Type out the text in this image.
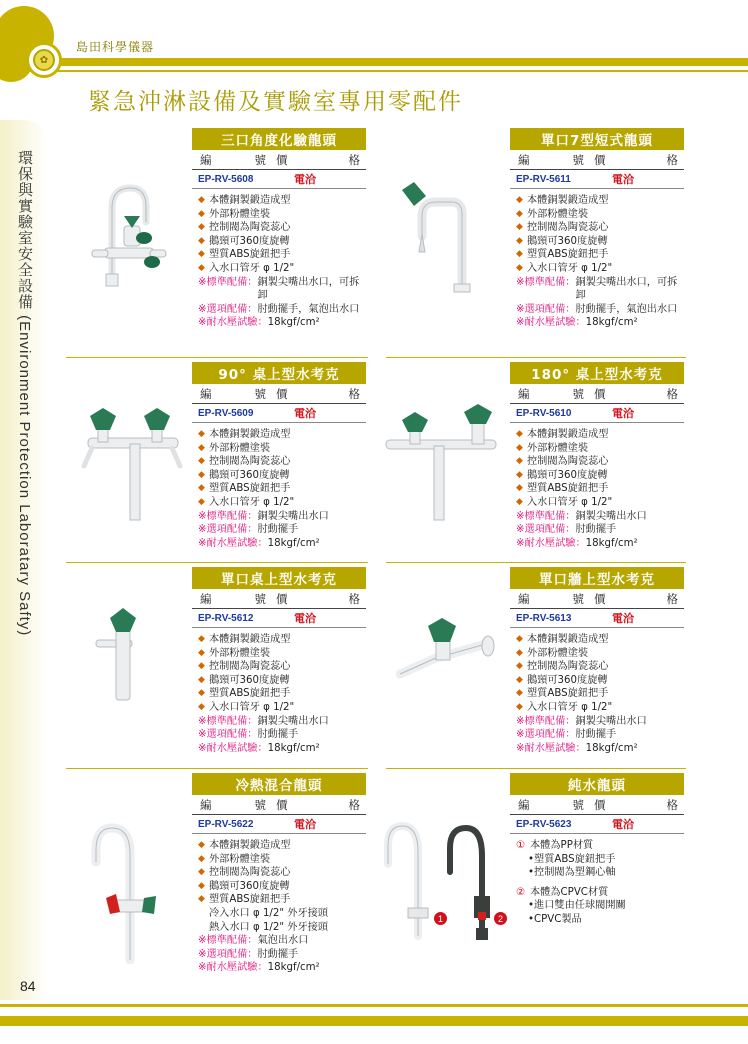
✿
島田科學儀器
緊急沖淋設備及實驗室專用零配件
環保與實驗室安全設備 (Environment Protection Laboratary Safty)
84
三口角度化驗龍頭
編	號 價	格
EP-RV-5608	電洽
◆ 本體銅製鍛造成型
◆ 外部粉體塗裝
◆ 控制閥為陶瓷蕊心
◆ 鵝頸可360度旋轉
◆ 塑質ABS旋鈕把手
◆ 入水口管牙 φ 1/2"
※標準配備： 銅製尖嘴出水口，可拆卸
※選項配備： 肘動擺手，氣泡出水口
※耐水壓試驗： 18kgf/cm²
單口7型短式龍頭
編	號 價	格
EP-RV-5611	電洽
◆ 本體銅製鍛造成型
◆ 外部粉體塗裝
◆ 控制閥為陶瓷蕊心
◆ 鵝頸可360度旋轉
◆ 塑質ABS旋鈕把手
◆ 入水口管牙 φ 1/2"
※標準配備： 銅製尖嘴出水口，可拆卸
※選項配備： 肘動擺手，氣泡出水口
※耐水壓試驗： 18kgf/cm²
90° 桌上型水考克
編	號 價	格
EP-RV-5609	電洽
◆ 本體銅製鍛造成型
◆ 外部粉體塗裝
◆ 控制閥為陶瓷蕊心
◆ 鵝頸可360度旋轉
◆ 塑質ABS旋鈕把手
◆ 入水口管牙 φ 1/2"
※標準配備： 銅製尖嘴出水口
※選項配備： 肘動擺手
※耐水壓試驗： 18kgf/cm²
180° 桌上型水考克
編	號 價	格
EP-RV-5610	電洽
◆ 本體銅製鍛造成型
◆ 外部粉體塗裝
◆ 控制閥為陶瓷蕊心
◆ 鵝頸可360度旋轉
◆ 塑質ABS旋鈕把手
◆ 入水口管牙 φ 1/2"
※標準配備： 銅製尖嘴出水口
※選項配備： 肘動擺手
※耐水壓試驗： 18kgf/cm²
單口桌上型水考克
編	號 價	格
EP-RV-5612	電洽
◆ 本體銅製鍛造成型
◆ 外部粉體塗裝
◆ 控制閥為陶瓷蕊心
◆ 鵝頸可360度旋轉
◆ 塑質ABS旋鈕把手
◆ 入水口管牙 φ 1/2"
※標準配備： 銅製尖嘴出水口
※選項配備： 肘動擺手
※耐水壓試驗： 18kgf/cm²
單口牆上型水考克
編	號 價	格
EP-RV-5613	電洽
◆ 本體銅製鍛造成型
◆ 外部粉體塗裝
◆ 控制閥為陶瓷蕊心
◆ 鵝頸可360度旋轉
◆ 塑質ABS旋鈕把手
◆ 入水口管牙 φ 1/2"
※標準配備： 銅製尖嘴出水口
※選項配備： 肘動擺手
※耐水壓試驗： 18kgf/cm²
冷熱混合龍頭
編	號 價	格
EP-RV-5622	電洽
◆ 本體銅製鍛造成型
◆ 外部粉體塗裝
◆ 控制閥為陶瓷蕊心
◆ 鵝頸可360度旋轉
◆ 塑質ABS旋鈕把手
冷入水口 φ 1/2" 外牙接頭
熱入水口 φ 1/2" 外牙接頭
※標準配備： 氣泡出水口
※選項配備： 肘動擺手
※耐水壓試驗： 18kgf/cm²
純水龍頭
編	號 價	格
EP-RV-5623	電洽
① 本體為PP材質
•塑質ABS旋鈕把手
•控制閥為塑鋼心軸
② 本體為CPVC材質
•進口雙由任球閥開關
•CPVC製品
1	2
